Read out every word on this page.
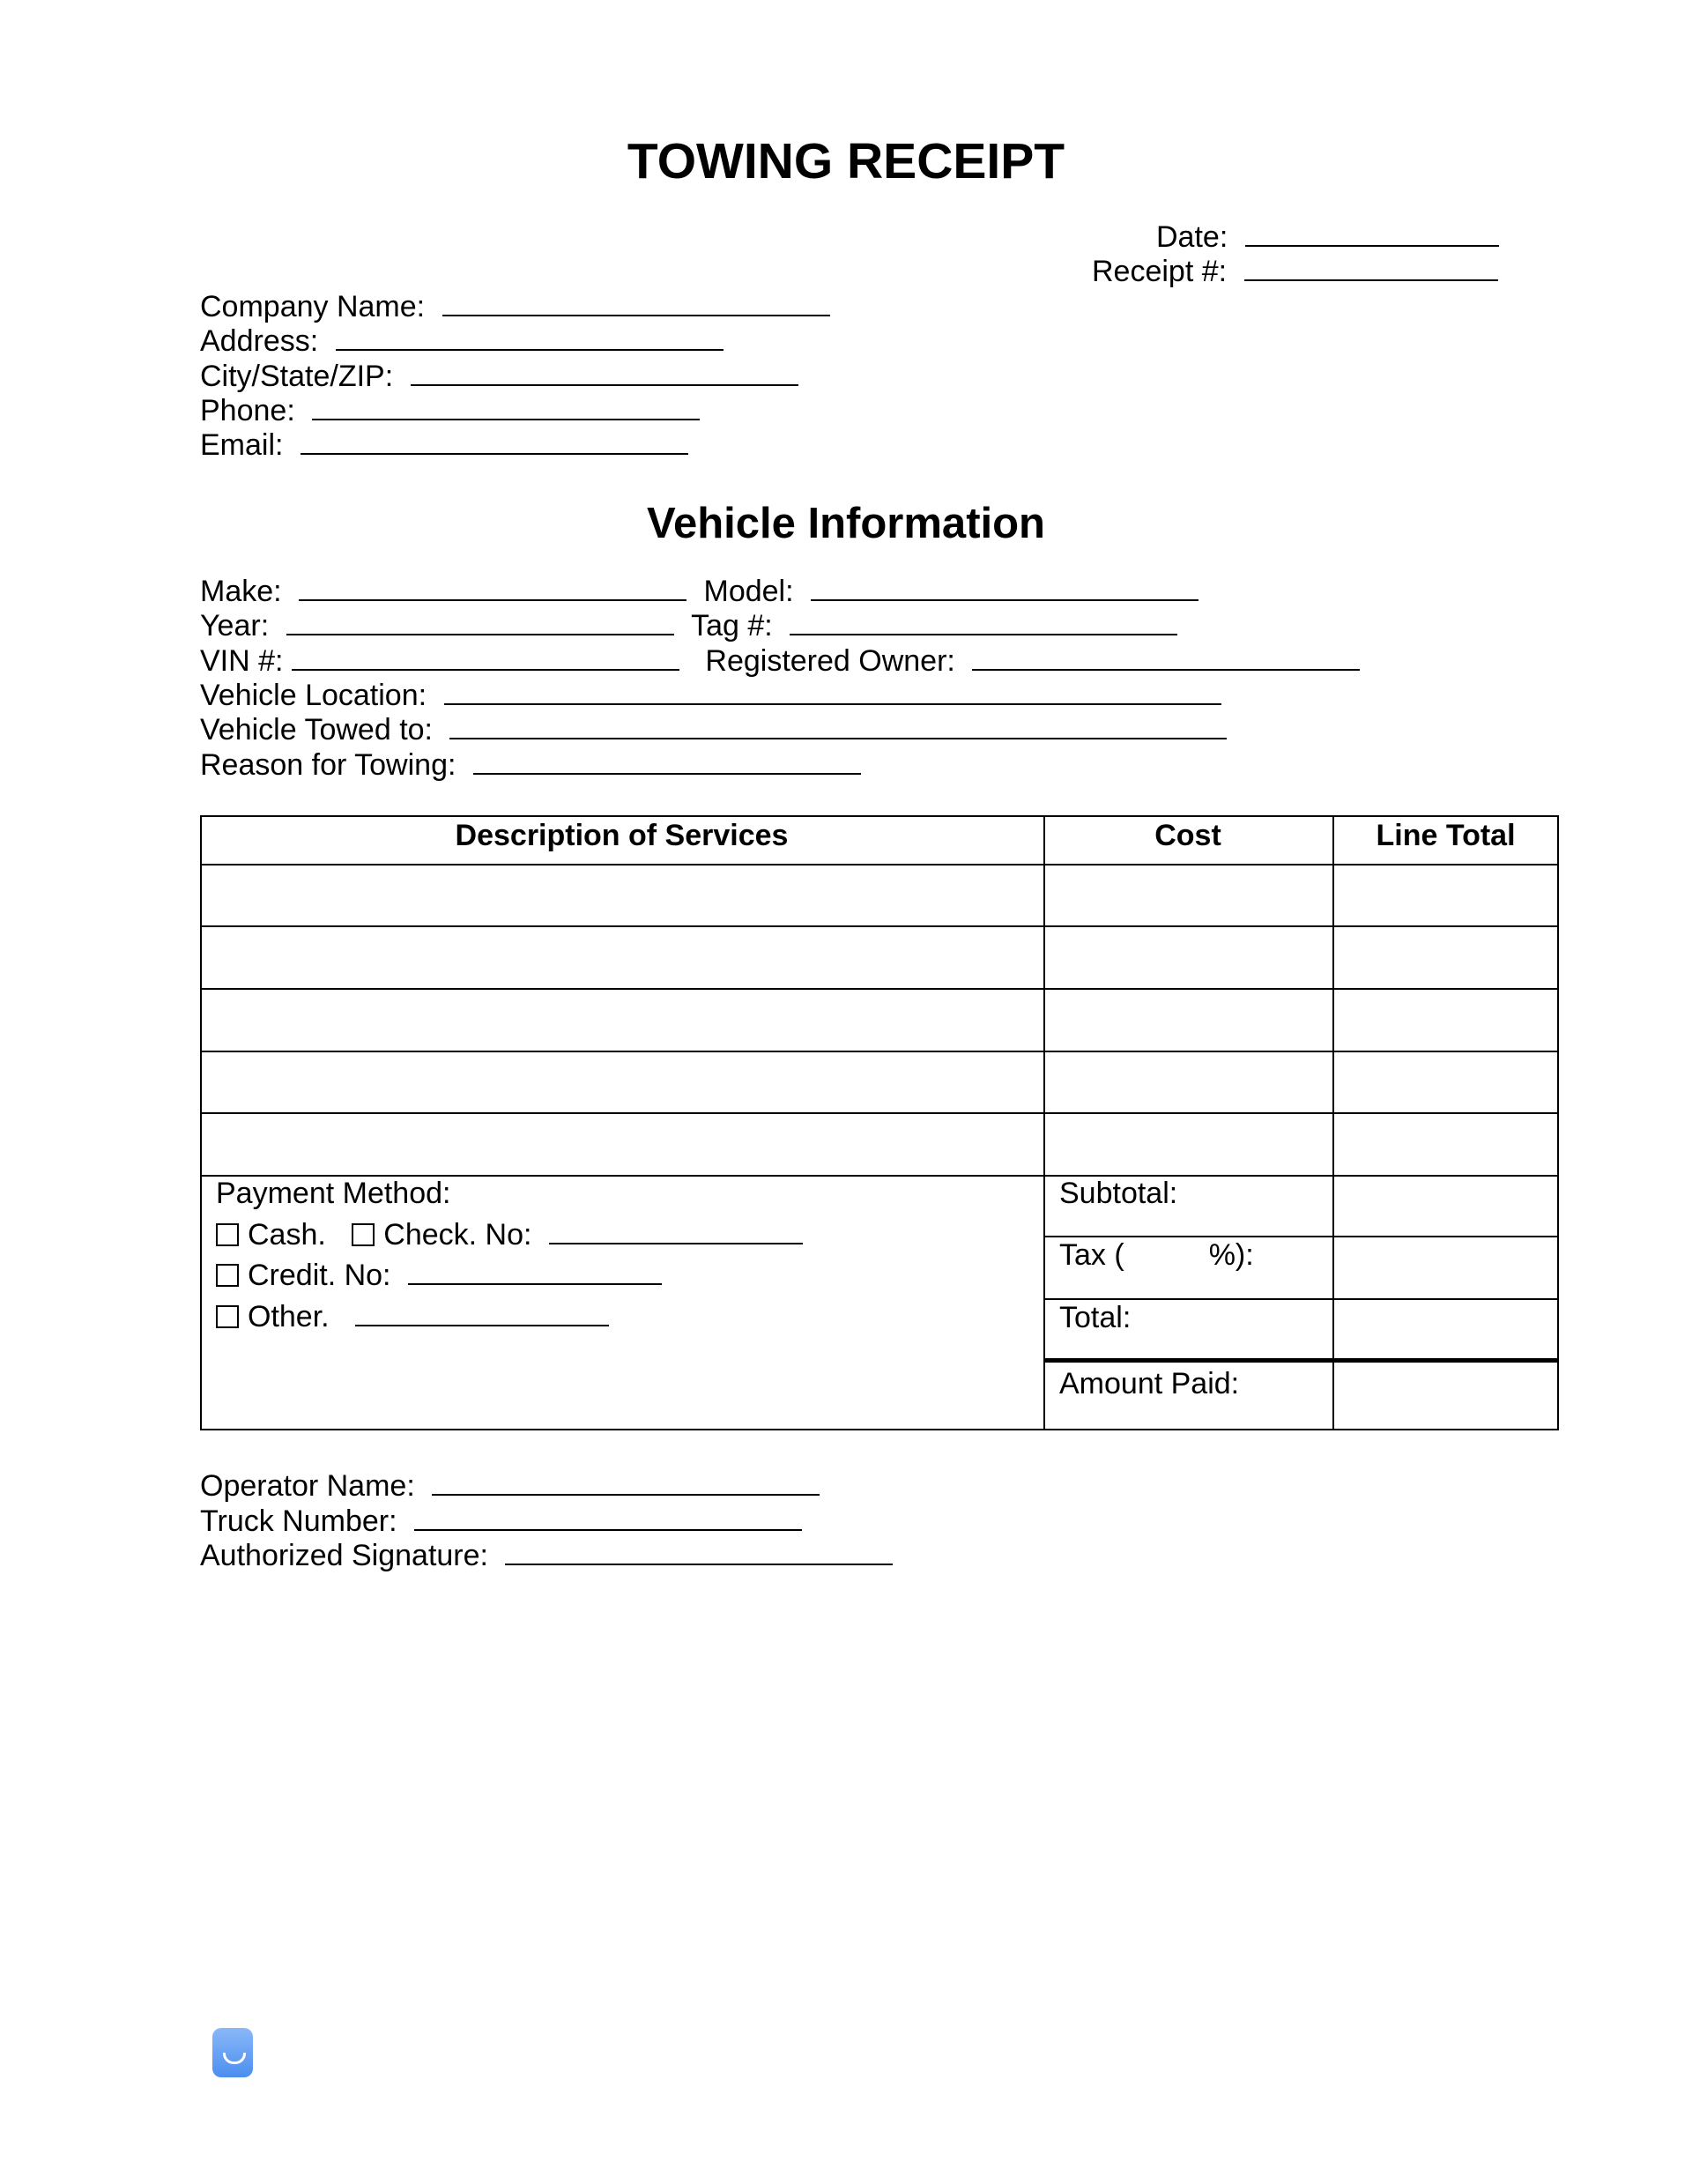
TOWING RECEIPT
Date:
Receipt #:
Company Name:
Address:
City/State/ZIP:
Phone:
Email:
Vehicle Information
Make:	Model:
Year:	Tag #:
VIN #:	Registered Owner:
Vehicle Location:
Vehicle Towed to:
Reason for Towing:
Description of Services	Cost	Line Total
Payment Method:
Cash. Check. No:
Credit. No:
Other.
Subtotal:
Tax (	%):
Total:
Amount Paid:
Operator Name:
Truck Number:
Authorized Signature:
